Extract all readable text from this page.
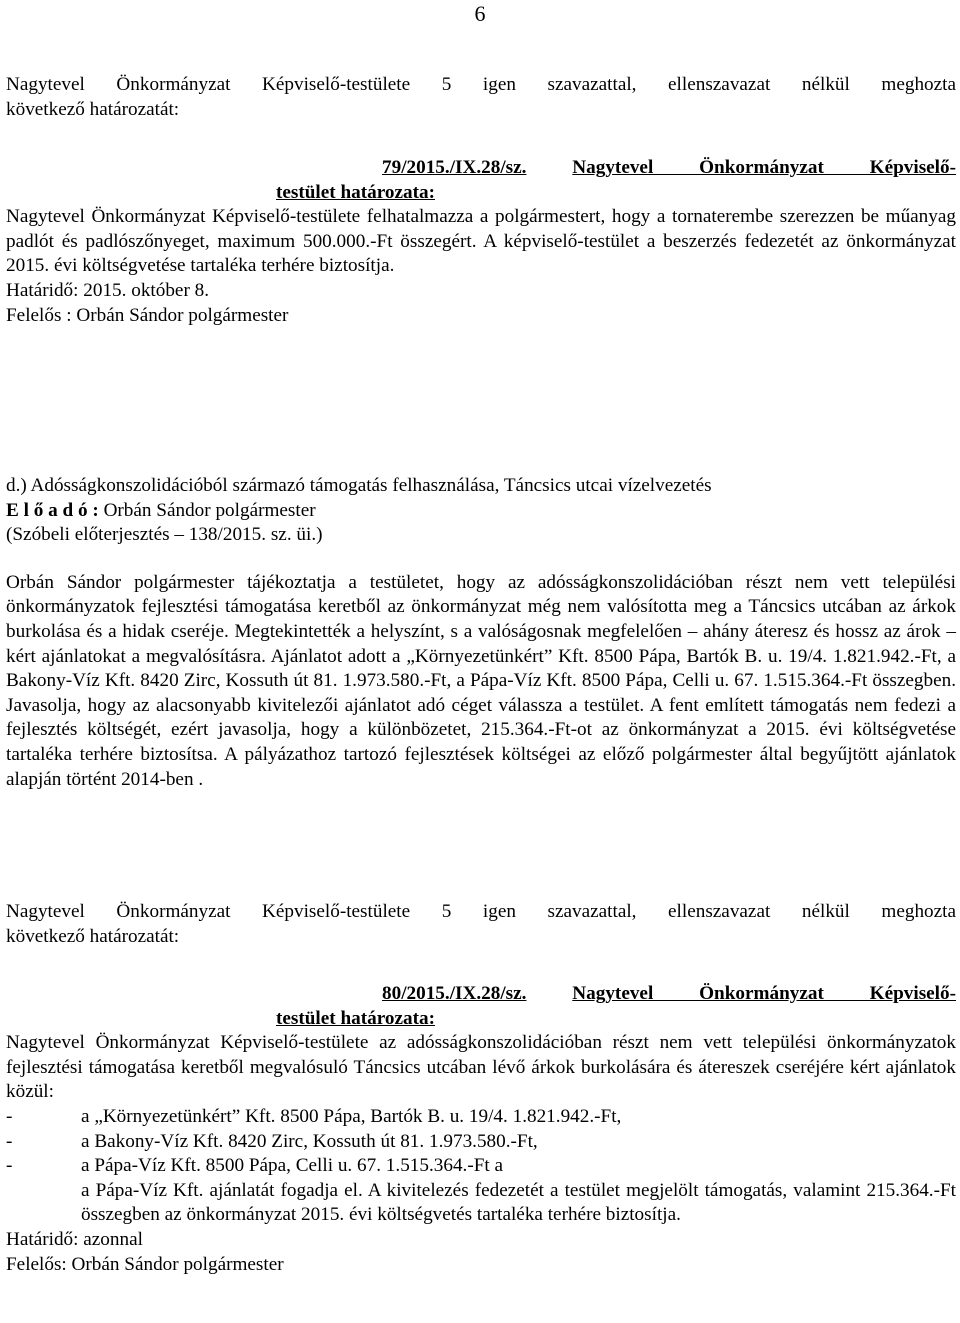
6

Nagytevel Önkormányzat Képviselő-testülete 5 igen szavazattal, ellenszavazat nélkül meghozta

következő határozatát:

79/2015./IX.28/sz. Nagytevel Önkormányzat Képviselő-

testület határozata:

Nagytevel Önkormányzat Képviselő-testülete felhatalmazza a polgármestert, hogy a tornaterembe szerezzen be műanyag padlót és padlószőnyeget, maximum 500.000.-Ft összegért. A képviselő-testület a beszerzés fedezetét az önkormányzat 2015. évi költségvetése tartaléka terhére biztosítja.

Határidő: 2015. október 8.

Felelős : Orbán Sándor polgármester

d.) Adósságkonszolidációból származó támogatás felhasználása, Táncsics utcai vízelvezetés

E l ő a d ó : Orbán Sándor polgármester

(Szóbeli előterjesztés – 138/2015. sz. üi.)

Orbán Sándor polgármester tájékoztatja a testületet, hogy az adósságkonszolidációban részt nem vett települési önkormányzatok fejlesztési támogatása keretből az önkormányzat még nem valósította meg a Táncsics utcában az árkok burkolása és a hidak cseréje. Megtekintették a helyszínt, s a valóságosnak megfelelően – ahány áteresz és hossz az árok – kért ajánlatokat a megvalósításra. Ajánlatot adott a „Környezetünkért” Kft. 8500 Pápa, Bartók B. u. 19/4. 1.821.942.-Ft, a Bakony-Víz Kft. 8420 Zirc, Kossuth út 81. 1.973.580.-Ft, a Pápa-Víz Kft. 8500 Pápa, Celli u. 67. 1.515.364.-Ft összegben. Javasolja, hogy az alacsonyabb kivitelezői ajánlatot adó céget válassza a testület. A fent említett támogatás nem fedezi a fejlesztés költségét, ezért javasolja, hogy a különbözetet, 215.364.-Ft-ot az önkormányzat a 2015. évi költségvetése tartaléka terhére biztosítsa. A pályázathoz tartozó fejlesztések költségei az előző polgármester által begyűjtött ajánlatok alapján történt 2014-ben .

Nagytevel Önkormányzat Képviselő-testülete 5 igen szavazattal, ellenszavazat nélkül meghozta

következő határozatát:

80/2015./IX.28/sz. Nagytevel Önkormányzat Képviselő-

testület határozata:

Nagytevel Önkormányzat Képviselő-testülete az adósságkonszolidációban részt nem vett települési önkormányzatok fejlesztési támogatása keretből megvalósuló Táncsics utcában lévő árkok burkolására és átereszek cseréjére kért ajánlatok közül:

-	a „Környezetünkért” Kft. 8500 Pápa, Bartók B. u. 19/4. 1.821.942.-Ft,
-	a Bakony-Víz Kft. 8420 Zirc, Kossuth út 81. 1.973.580.-Ft,
-	a Pápa-Víz Kft. 8500 Pápa, Celli u. 67. 1.515.364.-Ft a

a Pápa-Víz Kft. ajánlatát fogadja el. A kivitelezés fedezetét a testület megjelölt támogatás, valamint 215.364.-Ft összegben az önkormányzat 2015. évi költségvetés tartaléka terhére biztosítja.

Határidő: azonnal

Felelős: Orbán Sándor polgármester
